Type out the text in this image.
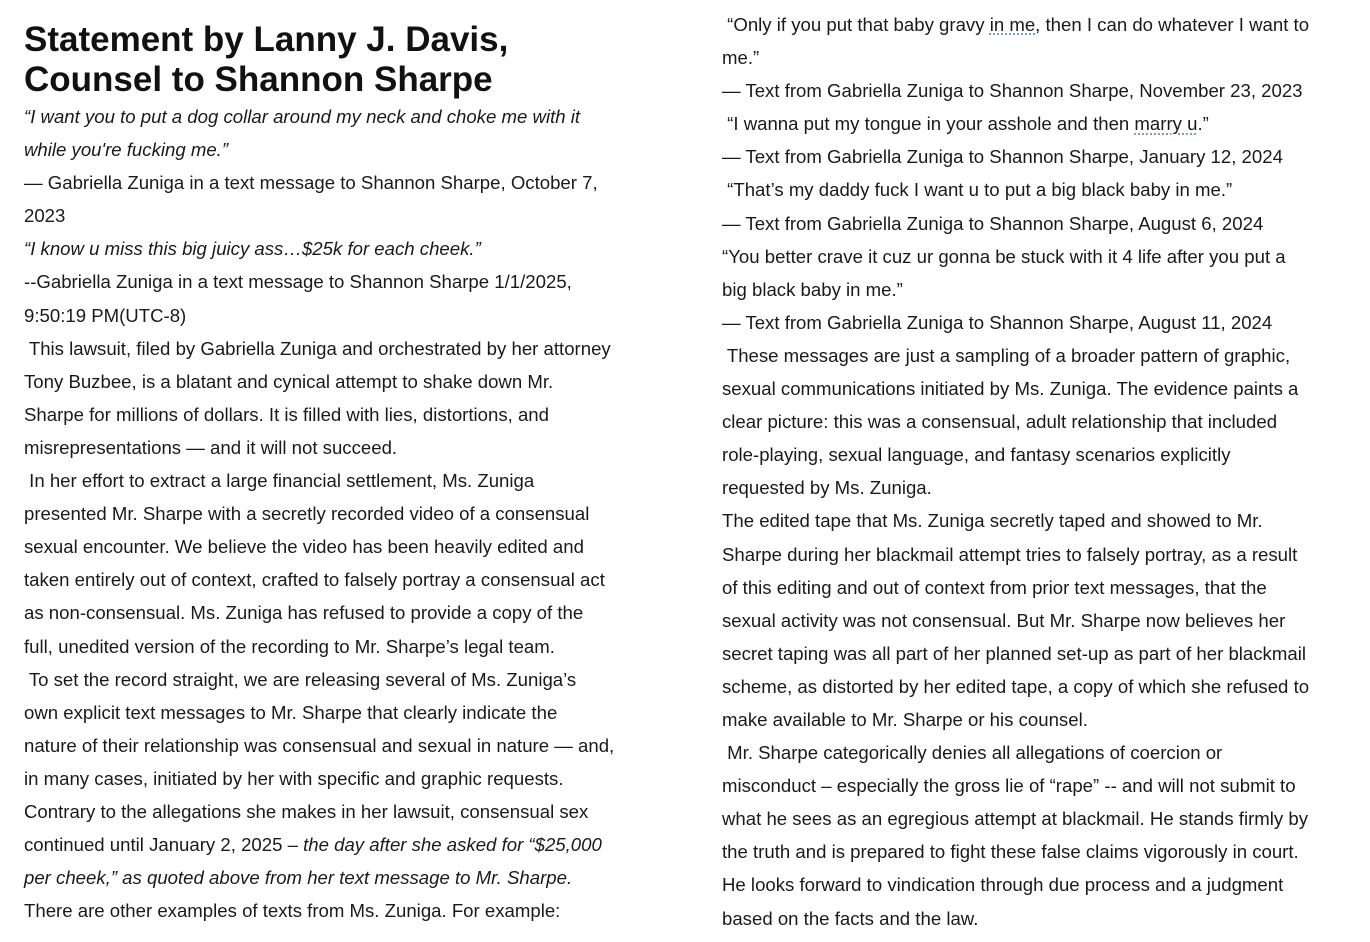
Statement by Lanny J. Davis,
Counsel to Shannon Sharpe
“I want you to put a dog collar around my neck and choke me with it
while you're fucking me.”
— Gabriella Zuniga in a text message to Shannon Sharpe, October 7,
2023
“I know u miss this big juicy ass…$25k for each cheek.”
--Gabriella Zuniga in a text message to Shannon Sharpe 1/1/2025,
9:50:19 PM(UTC-8)
This lawsuit, filed by Gabriella Zuniga and orchestrated by her attorney
Tony Buzbee, is a blatant and cynical attempt to shake down Mr.
Sharpe for millions of dollars. It is filled with lies, distortions, and
misrepresentations — and it will not succeed.
In her effort to extract a large financial settlement, Ms. Zuniga
presented Mr. Sharpe with a secretly recorded video of a consensual
sexual encounter. We believe the video has been heavily edited and
taken entirely out of context, crafted to falsely portray a consensual act
as non-consensual. Ms. Zuniga has refused to provide a copy of the
full, unedited version of the recording to Mr. Sharpe’s legal team.
To set the record straight, we are releasing several of Ms. Zuniga’s
own explicit text messages to Mr. Sharpe that clearly indicate the
nature of their relationship was consensual and sexual in nature — and,
in many cases, initiated by her with specific and graphic requests.
Contrary to the allegations she makes in her lawsuit, consensual sex
continued until January 2, 2025 – the day after she asked for “$25,000
per cheek,” as quoted above from her text message to Mr. Sharpe.
There are other examples of texts from Ms. Zuniga. For example:
“Only if you put that baby gravy in me, then I can do whatever I want to
me.”
— Text from Gabriella Zuniga to Shannon Sharpe, November 23, 2023
“I wanna put my tongue in your asshole and then marry u.”
— Text from Gabriella Zuniga to Shannon Sharpe, January 12, 2024
“That’s my daddy fuck I want u to put a big black baby in me.”
— Text from Gabriella Zuniga to Shannon Sharpe, August 6, 2024
“You better crave it cuz ur gonna be stuck with it 4 life after you put a
big black baby in me.”
— Text from Gabriella Zuniga to Shannon Sharpe, August 11, 2024
These messages are just a sampling of a broader pattern of graphic,
sexual communications initiated by Ms. Zuniga. The evidence paints a
clear picture: this was a consensual, adult relationship that included
role-playing, sexual language, and fantasy scenarios explicitly
requested by Ms. Zuniga.
The edited tape that Ms. Zuniga secretly taped and showed to Mr.
Sharpe during her blackmail attempt tries to falsely portray, as a result
of this editing and out of context from prior text messages, that the
sexual activity was not consensual. But Mr. Sharpe now believes her
secret taping was all part of her planned set-up as part of her blackmail
scheme, as distorted by her edited tape, a copy of which she refused to
make available to Mr. Sharpe or his counsel.
Mr. Sharpe categorically denies all allegations of coercion or
misconduct – especially the gross lie of “rape” -- and will not submit to
what he sees as an egregious attempt at blackmail. He stands firmly by
the truth and is prepared to fight these false claims vigorously in court.
He looks forward to vindication through due process and a judgment
based on the facts and the law.
